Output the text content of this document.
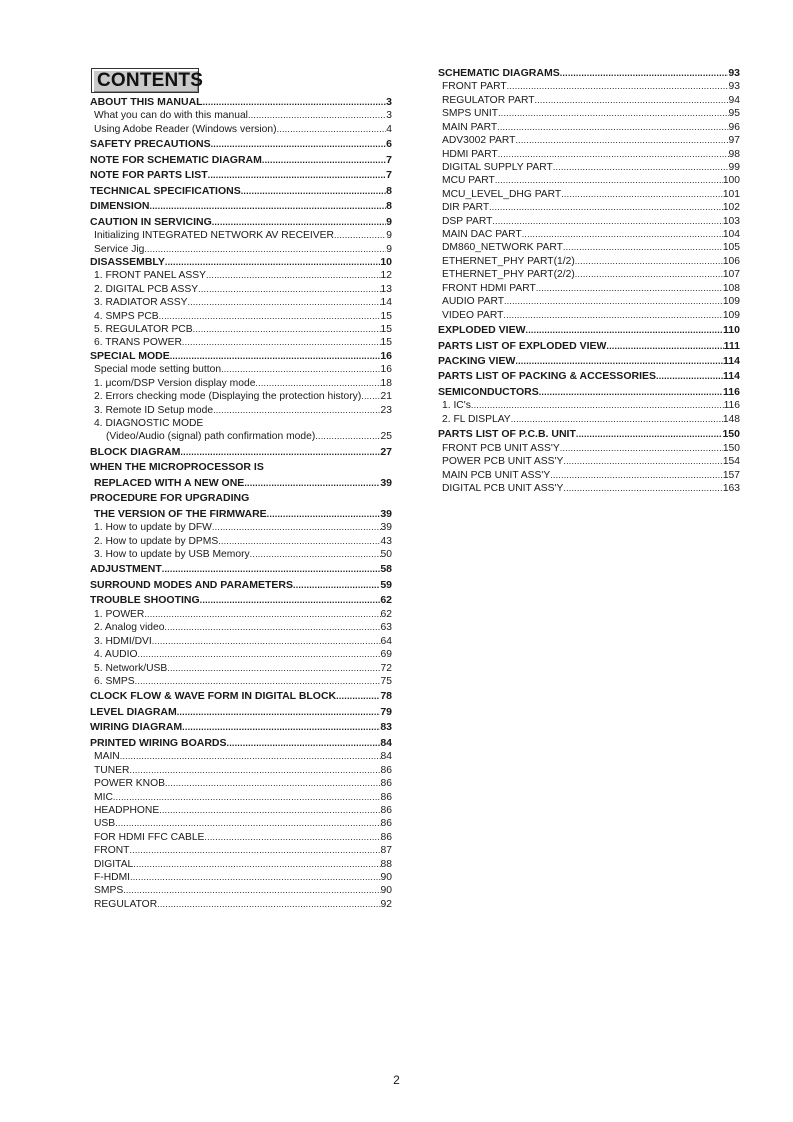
CONTENTS
ABOUT THIS MANUAL .....	3
What you can do with this manual .....	3
Using Adobe Reader (Windows version) .....	4
SAFETY PRECAUTIONS .....	6
NOTE FOR SCHEMATIC DIAGRAM .....	7
NOTE FOR PARTS LIST .....	7
TECHNICAL SPECIFICATIONS .....	8
DIMENSION .....	8
CAUTION IN SERVICING .....	9
Initializing INTEGRATED NETWORK AV RECEIVER .....	9
Service Jig .....	9
DISASSEMBLY .....	10
1. FRONT PANEL ASSY .....	12
2. DIGITAL PCB ASSY .....	13
3. RADIATOR ASSY .....	14
4. SMPS PCB .....	15
5. REGULATOR PCB .....	15
6. TRANS POWER .....	15
SPECIAL MODE .....	16
Special mode setting button .....	16
1. μcom/DSP Version display mode .....	18
2. Errors checking mode (Displaying the protection history) ..... 21
3. Remote ID Setup mode .....	23
4. DIAGNOSTIC MODE
(Video/Audio (signal) path confirmation mode) .....	25
BLOCK DIAGRAM .....	27
WHEN THE MICROPROCESSOR IS
REPLACED WITH A NEW ONE .....	39
PROCEDURE FOR UPGRADING
THE VERSION OF THE FIRMWARE .....	39
1. How to update by DFW .....	39
2. How to update by DPMS .....	43
3. How to update by USB Memory .....	50
ADJUSTMENT .....	58
SURROUND MODES AND PARAMETERS .....	59
TROUBLE SHOOTING .....	62
1. POWER .....	62
2. Analog video .....	63
3. HDMI/DVI .....	64
4. AUDIO .....	69
5. Network/USB .....	72
6. SMPS .....	75
CLOCK FLOW & WAVE FORM IN DIGITAL BLOCK .....	78
LEVEL DIAGRAM .....	79
WIRING DIAGRAM .....	83
PRINTED WIRING BOARDS .....	84
MAIN .....	84
TUNER .....	86
POWER KNOB .....	86
MIC .....	86
HEADPHONE .....	86
USB .....	86
FOR HDMI FFC CABLE .....	86
FRONT .....	87
DIGITAL .....	88
F-HDMI .....	90
SMPS .....	90
REGULATOR .....	92
SCHEMATIC DIAGRAMS .....	93
FRONT PART .....	93
REGULATOR PART .....	94
SMPS UNIT .....	95
MAIN PART .....	96
ADV3002 PART .....	97
HDMI PART .....	98
DIGITAL SUPPLY PART .....	99
MCU PART .....	100
MCU_LEVEL_DHG PART .....	101
DIR PART .....	102
DSP PART .....	103
MAIN DAC PART .....	104
DM860_NETWORK PART .....	105
ETHERNET_PHY PART(1/2) .....	106
ETHERNET_PHY PART(2/2) .....	107
FRONT HDMI PART .....	108
AUDIO PART .....	109
VIDEO PART .....	109
EXPLODED VIEW .....	110
PARTS LIST OF EXPLODED VIEW .....	111
PACKING VIEW .....	114
PARTS LIST OF PACKING & ACCESSORIES .....	114
SEMICONDUCTORS .....	116
1. IC's .....	116
2. FL DISPLAY .....	148
PARTS LIST OF P.C.B. UNIT .....	150
FRONT PCB UNIT ASS'Y .....	150
POWER PCB UNIT ASS'Y .....	154
MAIN PCB UNIT ASS'Y .....	157
DIGITAL PCB UNIT ASS'Y .....	163
2
